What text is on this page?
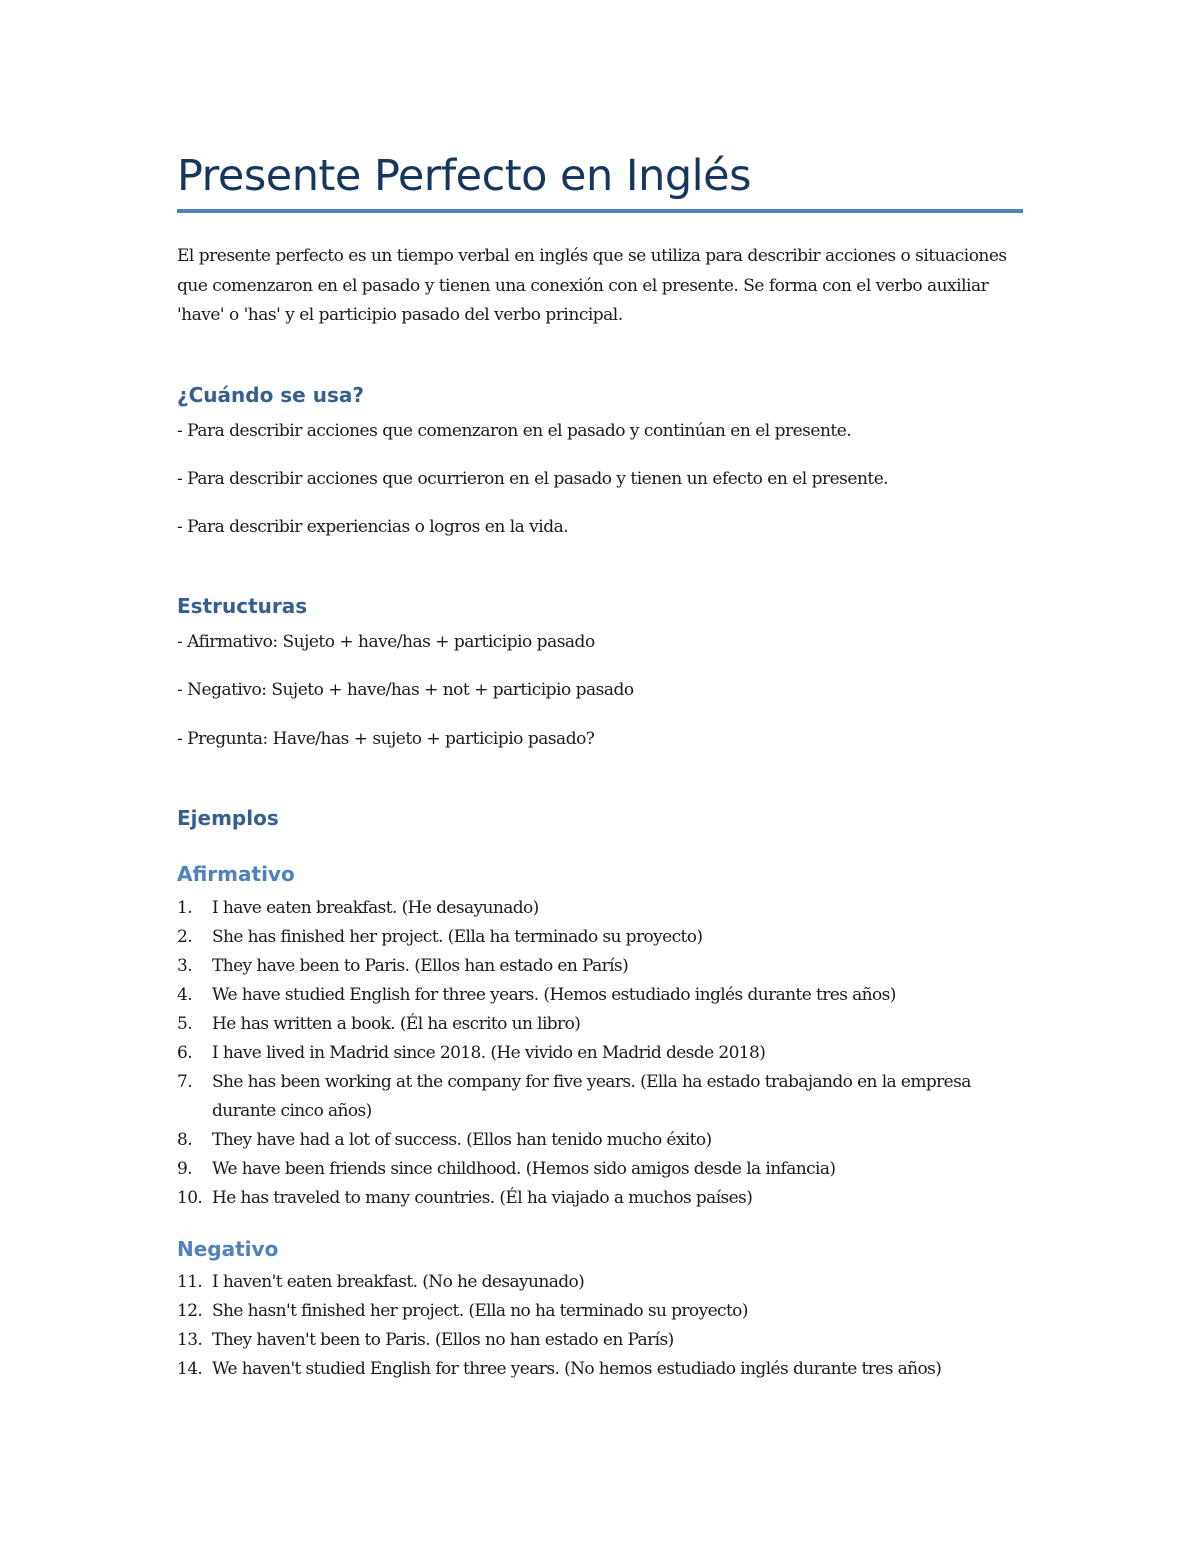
Presente Perfecto en Inglés

El presente perfecto es un tiempo verbal en inglés que se utiliza para describir acciones o situaciones que comenzaron en el pasado y tienen una conexión con el presente. Se forma con el verbo auxiliar 'have' o 'has' y el participio pasado del verbo principal.

¿Cuándo se usa?

- Para describir acciones que comenzaron en el pasado y continúan en el presente.

- Para describir acciones que ocurrieron en el pasado y tienen un efecto en el presente.

- Para describir experiencias o logros en la vida.

Estructuras

- Afirmativo: Sujeto + have/has + participio pasado

- Negativo: Sujeto + have/has + not + participio pasado

- Pregunta: Have/has + sujeto + participio pasado?

Ejemplos
Afirmativo
1. I have eaten breakfast. (He desayunado)
2. She has finished her project. (Ella ha terminado su proyecto)
3. They have been to Paris. (Ellos han estado en París)
4. We have studied English for three years. (Hemos estudiado inglés durante tres años)
5. He has written a book. (Él ha escrito un libro)
6. I have lived in Madrid since 2018. (He vivido en Madrid desde 2018)
7. She has been working at the company for five years. (Ella ha estado trabajando en la empresa durante cinco años)
8. They have had a lot of success. (Ellos han tenido mucho éxito)
9. We have been friends since childhood. (Hemos sido amigos desde la infancia)
10. He has traveled to many countries. (Él ha viajado a muchos países)
Negativo
11. I haven't eaten breakfast. (No he desayunado)
12. She hasn't finished her project. (Ella no ha terminado su proyecto)
13. They haven't been to Paris. (Ellos no han estado en París)
14. We haven't studied English for three years. (No hemos estudiado inglés durante tres años)
